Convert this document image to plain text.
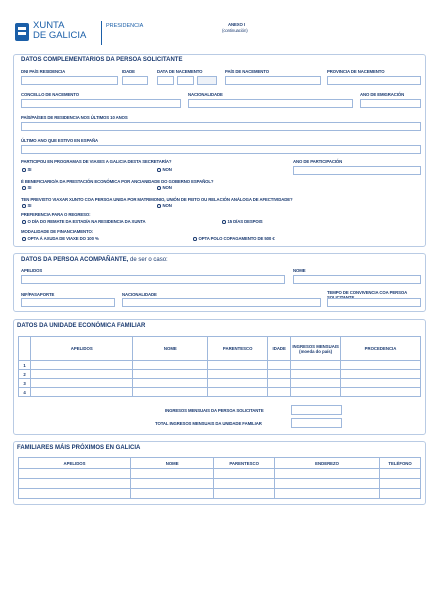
XUNTA
DE GALICIA
PRESIDENCIA	ANEXO I
(continuación)
DATOS COMPLEMENTARIOS DA PERSOA SOLICITANTE
DNI PAÍS RESIDENCIA	IDADE	DATA DE NACEMENTO	PAÍS DE NACEMENTO	PROVINCIA DE NACEMENTO
CONCELLO DE NACEMENTO	NACIONALIDADE	ANO DE EMIGRACIÓN
PAÍS/PAÍSES DE RESIDENCIA NOS ÚLTIMOS 10 ANOS
ÚLTIMO ANO QUE ESTIVO EN ESPAÑA
PARTICIPOU EN PROGRAMAS DE VIAXES A GALICIA DESTA SECRETARÍA?	ANO DE PARTICIPACIÓN
SI	NON
É BENEFICIARIO/A DA PRESTACIÓN ECONÓMICA POR ANCIANIDADE DO GOBERNO ESPAÑOL?
SI	NON
TEN PREVISTO VIAXAR XUNTO COA PERSOA UNIDA POR MATRIMONIO, UNIÓN DE FEITO OU RELACIÓN ANÁLOGA DE AFECTIVIDADE?
SI	NON
PREFERENCIA PARA O REGRESO:
O DÍA DO REMATE DA ESTADÍA NA RESIDENCIA DA XUNTA	15 DÍAS DESPOIS
MODALIDADE DE FINANCIAMENTO:
OPTA Á AXUDA DE VIAXE DO 100 %	OPTA POLO COPAGAMENTO DE 500 €
DATOS DA PERSOA ACOMPAÑANTE, de ser o caso:
APELIDOS	NOME
NIF/PASAPORTE	NACIONALIDADE	TEMPO DE CONVIVENCIA COA PERSOA
DATOS DA UNIDADE ECONÓMICA FAMILIAR
	APELIDOS	NOME	PARENTESCO	IDADE	INGRESOS MENSUAIS (moeda do país)	PROCEDENCIA
1						
2						
3						
4						
INGRESOS MENSUAIS DA PERSOA SOLICITANTE
TOTAL INGRESOS MENSUAIS DA UNIDADE FAMILIAR
FAMILIARES MÁIS PRÓXIMOS EN GALICIA
APELIDOS	NOME	PARENTESCO	ENDEREZO	TELÉFONO
